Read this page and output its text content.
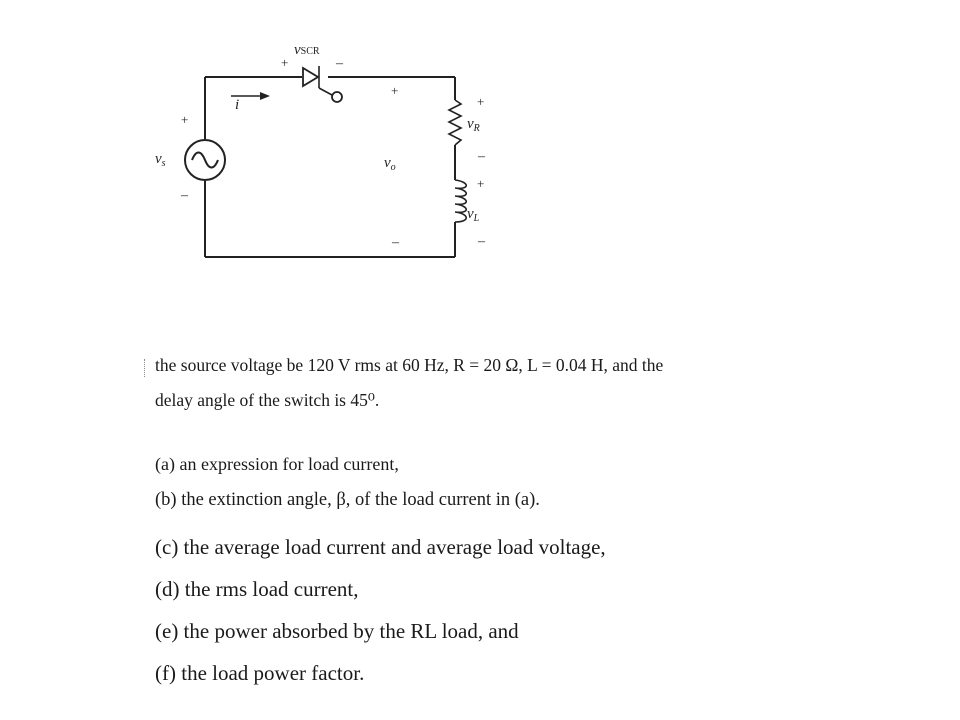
vSCR
+	–
i
+
$v_s$
–
+
$v_o$
–
+
$v_R$
–
+
$v_L$
–
the source voltage be 120 V rms at 60 Hz, R = 20 Ω, L = 0.04 H, and the
delay angle of the switch is 45⁰.
(a) an expression for load current,
(b) the extinction angle, β, of the load current in (a).
(c) the average load current and average load voltage,
(d) the rms load current,
(e) the power absorbed by the RL load, and
(f) the load power factor.
